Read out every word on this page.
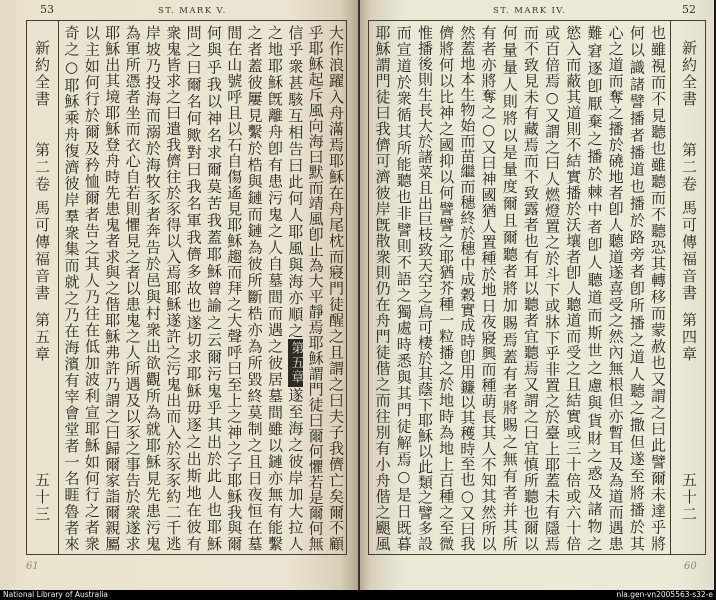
53	ST. MARK V.
新約全書
第二卷
馬可傳福音書
第五章
五十三	大作浪躍入舟滿焉耶穌在舟尾枕而寢門徒醒之且謂之曰夫子我儕亡矣爾不顧
乎耶穌起斥風向海曰默而靖風卽止為大平靜焉耶穌謂門徒曰爾何懼若是爾何無
信乎衆甚駭互相告曰此何人耶風與海亦順之第五章遂至海之彼岸加大拉人
之地耶穌旣離舟卽有患污鬼之人自墓間而遇之彼居墓間雖以鏈亦無有能繫
之者蓋彼屢見繫於梏與鏈而鏈為彼所斷梏亦為所毀終莫制之且日夜恒在墓
間在山號呼且以石自傷遙見耶穌趨而拜之大聲呼曰至上之神之子耶穌我與爾
何與乎我以神名求爾莫苦我蓋耶穌曾諭之云爾污鬼乎其出於此人也耶穌
問之曰爾名何歟對曰我名軍我儕多故也遂切求耶穌毋逐之出斯地在彼有
衆鬼皆求之曰遣我儕往於豕得以入焉耶穌遂許之污鬼出而入於豕豕約二千逃
岸坡乃投海而溺於海牧豕者奔告於邑與村衆出欲觀所為就耶穌見先患污鬼
為軍所憑者坐而衣心自若則懼見之者以患鬼之人所遇及以豕之事告於衆遂求
耶穌出其境耶穌登舟時先患鬼者求與之偕耶穌弗許乃謂之曰歸爾家詣爾親屬
以主如何行於爾及矜恤爾者告之其人乃往在低加波利宣耶穌如何行之者衆
奇之○耶穌乘舟復濟彼岸羣衆集而就之乃在海濱有宰會堂者一名睚魯者來
61
ST. MARK IV.	52
也雖視而不見聽也雖聽而不聽恐其轉移而蒙赦也又謂之曰此譬爾未達乎將
何以識諸譬播者播道也播於路旁者卽所播之道人聽之撒但遂至將播於其
心之道而奪之播於磽地者卽人聽道遂喜受之然內無根但亦暫耳及為道而遇患
難窘逐卽厭棄之播於棘中者卽人聽道而斯世之慮與貨財之惑及諸物之
慾入而蔽其道則不結實播於沃壤者卽人聽道而受之且結實或三十倍或六十倍
或百倍焉○又謂之曰人燃燈置之於斗下或牀下乎非置之於臺上耶蓋未有隱焉
而不致見未有藏焉而不致露者也有耳以聽者宜聽焉又謂之曰宜慎所聽也爾以
何量量人則將以是量度爾且爾聽者將加賜焉蓋有者將賜之無有者并其所
有者亦將奪之○又曰神國猶人置種於地日夜寢興而種萌長其人不知其然所以
然蓋地本生物始而苗繼而穗終於穗中成穀實成時卽用鐮以其穫時至也○又曰我
儕將何以比神之國抑以何譬譬之耶猶芥種一粒播之於地時為地上百種之至微
惟播後則生長大於諸菜且出巨枝致天空之鳥可棲於其蔭下耶穌以此類之譬多設
而宣道於衆循其所能聽也非譬則不語之獨處時悉與其門徒解焉○是日既暮
耶穌謂門徒曰我儕可濟彼岸旣散衆則仍在舟門徒偕之而往別有小舟偕之颶風	新約全書
第二卷
馬可傳福音書
第四章
五十二
60
National Library of Australia	nla.gen-vn2005563-s32-e
